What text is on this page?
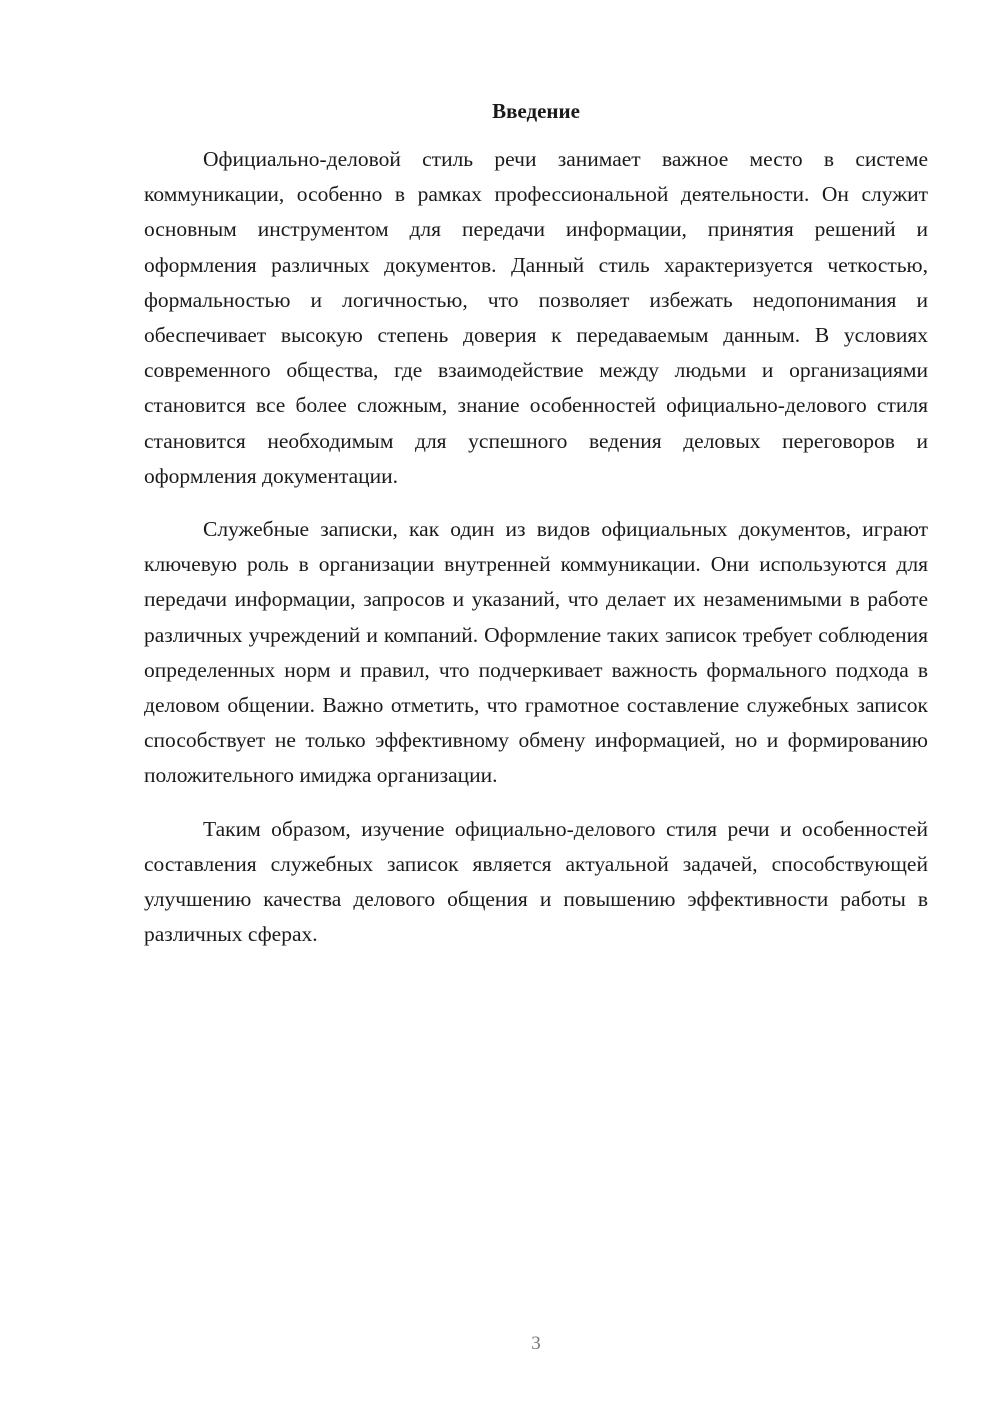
Введение

Официально-деловой стиль речи занимает важное место в системе коммуникации, особенно в рамках профессиональной деятельности. Он служит основным инструментом для передачи информации, принятия решений и оформления различных документов. Данный стиль характеризуется четкостью, формальностью и логичностью, что позволяет избежать недопонимания и обеспечивает высокую степень доверия к передаваемым данным. В условиях современного общества, где взаимодействие между людьми и организациями становится все более сложным, знание особенностей официально-делового стиля становится необходимым для успешного ведения деловых переговоров и оформления документации.

Служебные записки, как один из видов официальных документов, играют ключевую роль в организации внутренней коммуникации. Они используются для передачи информации, запросов и указаний, что делает их незаменимыми в работе различных учреждений и компаний. Оформление таких записок требует соблюдения определенных норм и правил, что подчеркивает важность формального подхода в деловом общении. Важно отметить, что грамотное составление служебных записок способствует не только эффективному обмену информацией, но и формированию положительного имиджа организации.

Таким образом, изучение официально-делового стиля речи и особенностей составления служебных записок является актуальной задачей, способствующей улучшению качества делового общения и повышению эффективности работы в различных сферах.

3
